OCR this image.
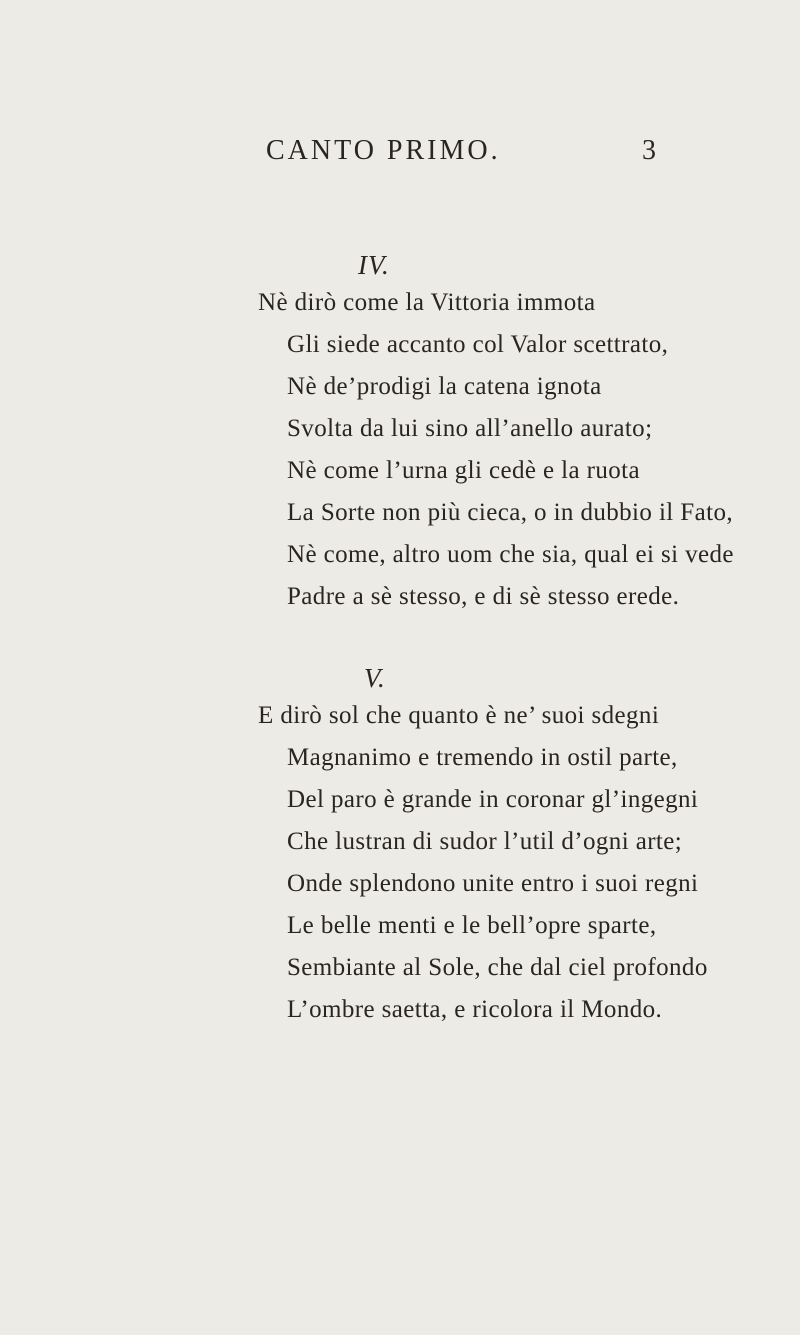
CANTO PRIMO.	3
IV.
Nè dirò come la Vittoria immota
Gli siede accanto col Valor scettrato,
Nè de’prodigi la catena ignota
Svolta da lui sino all’anello aurato;
Nè come l’urna gli cedè e la ruota
La Sorte non più cieca, o in dubbio il Fato,
Nè come, altro uom che sia, qual ei si vede
Padre a sè stesso, e di sè stesso erede.
V.
E dirò sol che quanto è ne’ suoi sdegni
Magnanimo e tremendo in ostil parte,
Del paro è grande in coronar gl’ingegni
Che lustran di sudor l’util d’ogni arte;
Onde splendono unite entro i suoi regni
Le belle menti e le bell’opre sparte,
Sembiante al Sole, che dal ciel profondo
L’ombre saetta, e ricolora il Mondo.
